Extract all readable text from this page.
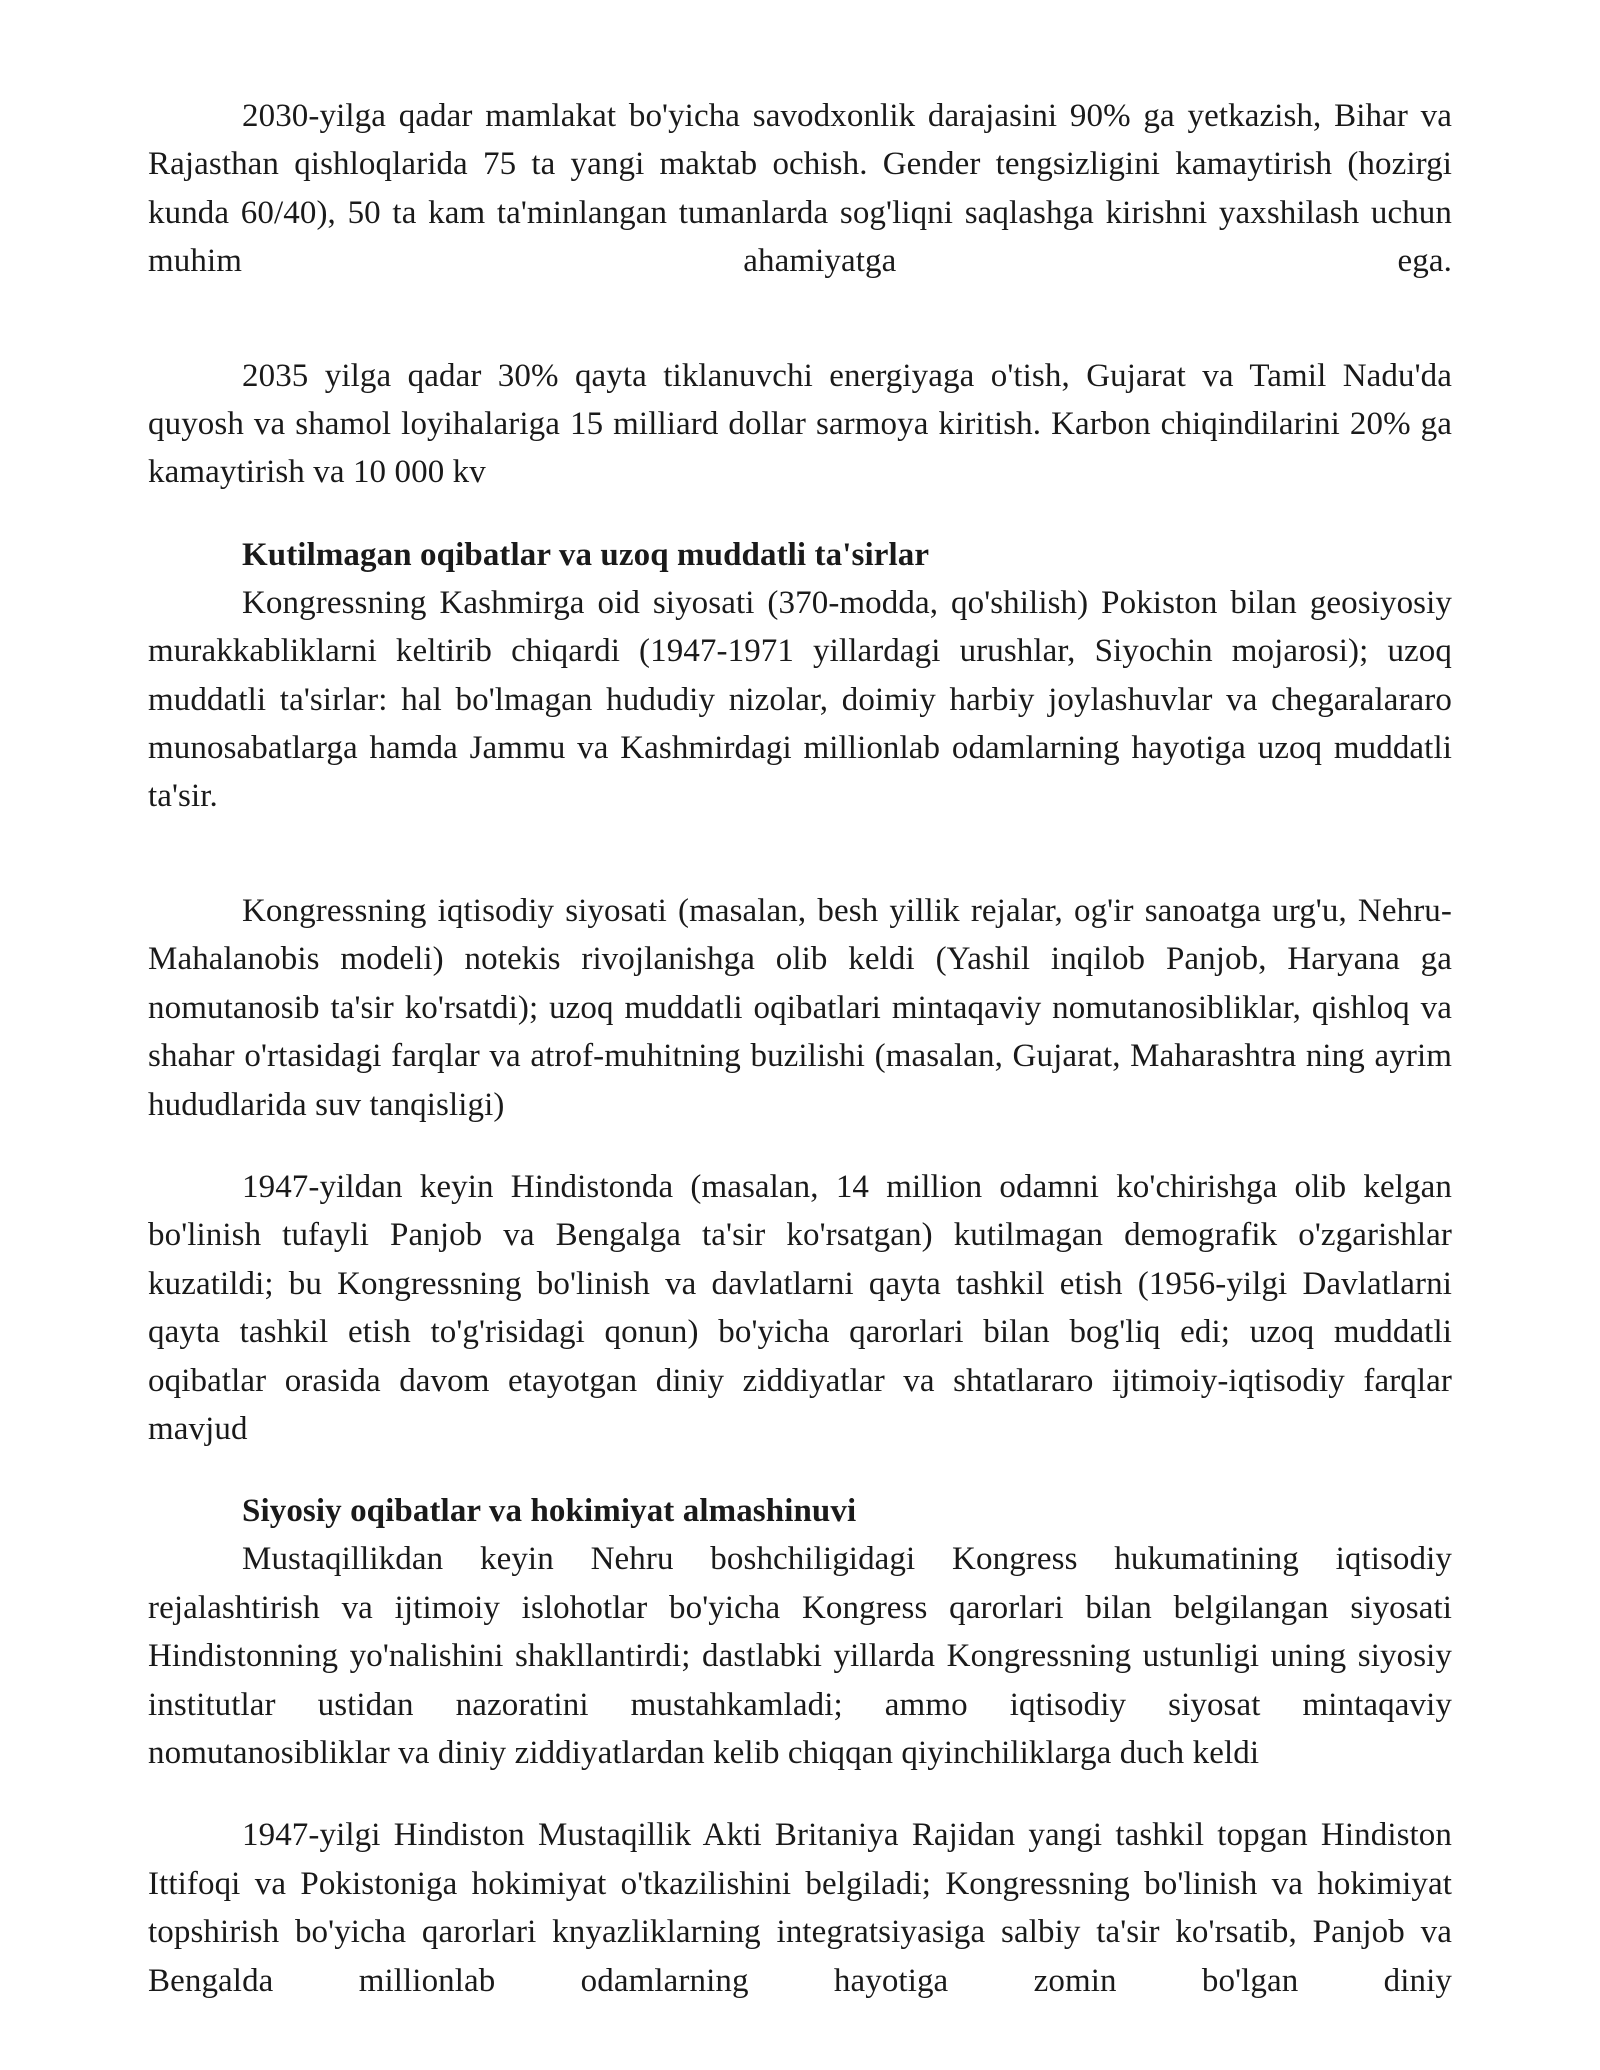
2030-yilga qadar mamlakat bo'yicha savodxonlik darajasini 90% ga yetkazish, Bihar va Rajasthan qishloqlarida 75 ta yangi maktab ochish. Gender tengsizligini kamaytirish (hozirgi kunda 60/40), 50 ta kam ta'minlangan tumanlarda sog'liqni saqlashga kirishni yaxshilash uchun muhim ahamiyatga ega.

2035 yilga qadar 30% qayta tiklanuvchi energiyaga o'tish, Gujarat va Tamil Nadu'da quyosh va shamol loyihalariga 15 milliard dollar sarmoya kiritish. Karbon chiqindilarini 20% ga kamaytirish va 10 000 kv

Kutilmagan oqibatlar va uzoq muddatli ta'sirlar

Kongressning Kashmirga oid siyosati (370-modda, qo'shilish) Pokiston bilan geosiyosiy murakkabliklarni keltirib chiqardi (1947-1971 yillardagi urushlar, Siyochin mojarosi); uzoq muddatli ta'sirlar: hal bo'lmagan hududiy nizolar, doimiy harbiy joylashuvlar va chegaralararo munosabatlarga hamda Jammu va Kashmirdagi millionlab odamlarning hayotiga uzoq muddatli ta'sir.

Kongressning iqtisodiy siyosati (masalan, besh yillik rejalar, og'ir sanoatga urg'u, Nehru-Mahalanobis modeli) notekis rivojlanishga olib keldi (Yashil inqilob Panjob, Haryana ga nomutanosib ta'sir ko'rsatdi); uzoq muddatli oqibatlari mintaqaviy nomutanosibliklar, qishloq va shahar o'rtasidagi farqlar va atrof-muhitning buzilishi (masalan, Gujarat, Maharashtra ning ayrim hududlarida suv tanqisligi)

1947-yildan keyin Hindistonda (masalan, 14 million odamni ko'chirishga olib kelgan bo'linish tufayli Panjob va Bengalga ta'sir ko'rsatgan) kutilmagan demografik o'zgarishlar kuzatildi; bu Kongressning bo'linish va davlatlarni qayta tashkil etish (1956-yilgi Davlatlarni qayta tashkil etish to'g'risidagi qonun) bo'yicha qarorlari bilan bog'liq edi; uzoq muddatli oqibatlar orasida davom etayotgan diniy ziddiyatlar va shtatlararo ijtimoiy-iqtisodiy farqlar mavjud

Siyosiy oqibatlar va hokimiyat almashinuvi

Mustaqillikdan keyin Nehru boshchiligidagi Kongress hukumatining iqtisodiy rejalashtirish va ijtimoiy islohotlar bo'yicha Kongress qarorlari bilan belgilangan siyosati Hindistonning yo'nalishini shakllantirdi; dastlabki yillarda Kongressning ustunligi uning siyosiy institutlar ustidan nazoratini mustahkamladi; ammo iqtisodiy siyosat mintaqaviy nomutanosibliklar va diniy ziddiyatlardan kelib chiqqan qiyinchiliklarga duch keldi

1947-yilgi Hindiston Mustaqillik Akti Britaniya Rajidan yangi tashkil topgan Hindiston Ittifoqi va Pokistoniga hokimiyat o'tkazilishini belgiladi; Kongressning bo'linish va hokimiyat topshirish bo'yicha qarorlari knyazliklarning integratsiyasiga salbiy ta'sir ko'rsatib, Panjob va Bengalda millionlab odamlarning hayotiga zomin bo'lgan diniy
